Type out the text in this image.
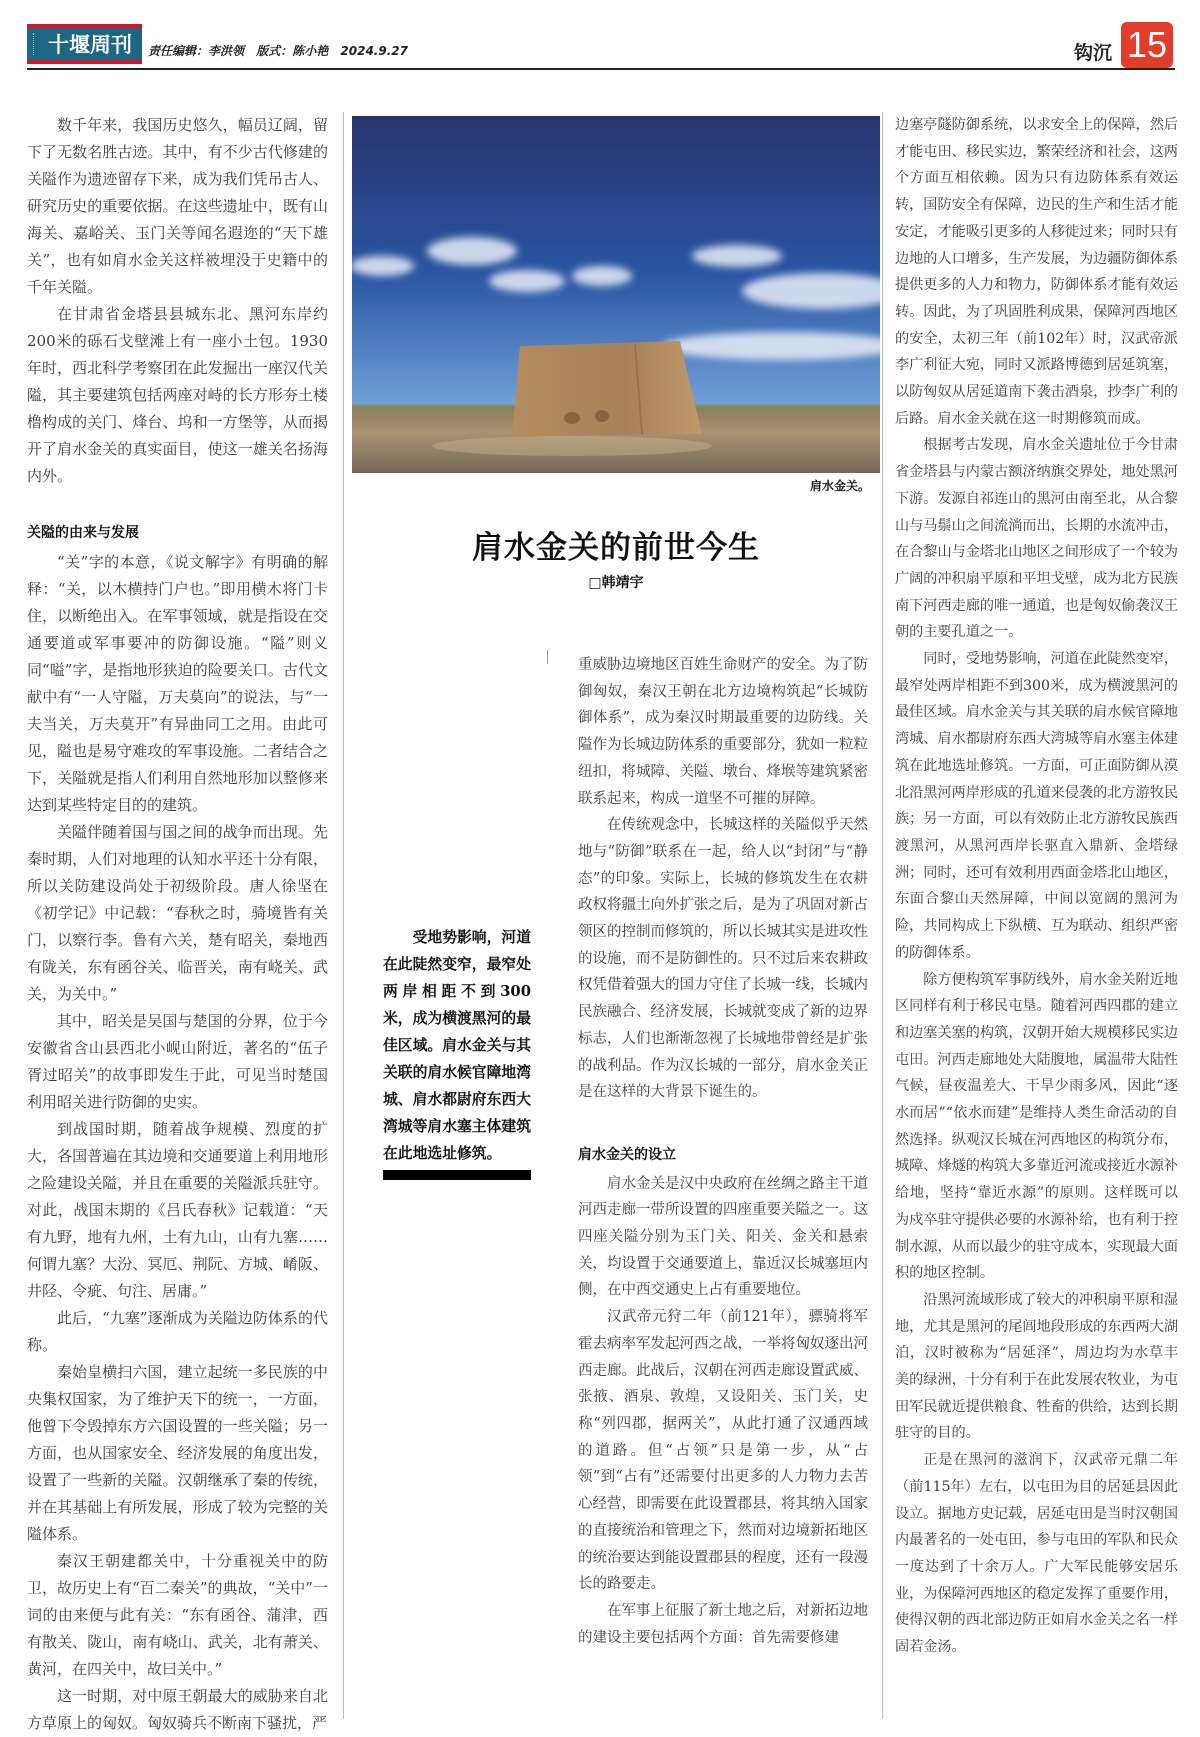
十堰周刊 责任编辑：李洪领 版式：陈小艳 2024.9.27	钩沉 15

数千年来，我国历史悠久，幅员辽阔，留下了无数名胜古迹。其中，有不少古代修建的关隘作为遗迹留存下来，成为我们凭吊古人、研究历史的重要依据。在这些遗址中，既有山海关、嘉峪关、玉门关等闻名遐迩的“天下雄关”，也有如肩水金关这样被埋没于史籍中的千年关隘。

在甘肃省金塔县县城东北、黑河东岸约200米的砾石戈壁滩上有一座小土包。1930年时，西北科学考察团在此发掘出一座汉代关隘，其主要建筑包括两座对峙的长方形夯土楼橹构成的关门、烽台、坞和一方堡等，从而揭开了肩水金关的真实面目，使这一雄关名扬海内外。

关隘的由来与发展

“关”字的本意，《说文解字》有明确的解释：“关，以木横持门户也。”即用横木将门卡住，以断绝出入。在军事领域，就是指设在交通要道或军事要冲的防御设施。“隘”则义同“嗌”字，是指地形狭迫的险要关口。古代文献中有“一人守隘，万夫莫向”的说法，与“一夫当关，万夫莫开”有异曲同工之用。由此可见，隘也是易守难攻的军事设施。二者结合之下，关隘就是指人们利用自然地形加以整修来达到某些特定目的的建筑。

关隘伴随着国与国之间的战争而出现。先秦时期，人们对地理的认知水平还十分有限，所以关防建设尚处于初级阶段。唐人徐坚在《初学记》中记载：“春秋之时，骑境皆有关门，以察行李。鲁有六关，楚有昭关，秦地西有陇关，东有函谷关、临晋关，南有峣关、武关，为关中。”

其中，昭关是吴国与楚国的分界，位于今安徽省含山县西北小岘山附近，著名的“伍子胥过昭关”的故事即发生于此，可见当时楚国利用昭关进行防御的史实。

到战国时期，随着战争规模、烈度的扩大，各国普遍在其边境和交通要道上利用地形之险建设关隘，并且在重要的关隘派兵驻守。对此，战国末期的《吕氏春秋》记载道：“天有九野，地有九州，土有九山，山有九塞……何谓九塞？大汾、冥厄、荆阮、方城、崤阪、井陉、令疵、句注、居庸。”

此后，“九塞”逐渐成为关隘边防体系的代称。

秦始皇横扫六国，建立起统一多民族的中央集权国家，为了维护天下的统一，一方面，他曾下令毁掉东方六国设置的一些关隘；另一方面，也从国家安全、经济发展的角度出发，设置了一些新的关隘。汉朝继承了秦的传统，并在其基础上有所发展，形成了较为完整的关隘体系。

秦汉王朝建都关中，十分重视关中的防卫，故历史上有“百二秦关”的典故，“关中”一词的由来便与此有关：“东有函谷、蒲津，西有散关、陇山，南有峣山、武关，北有萧关、黄河，在四关中，故曰关中。”

这一时期，对中原王朝最大的威胁来自北方草原上的匈奴。匈奴骑兵不断南下骚扰，严

肩水金关。
肩水金关的前世今生
□韩靖宇
受地势影响，河道在此陡然变窄，最窄处两岸相距不到300米，成为横渡黑河的最佳区域。肩水金关与其关联的肩水候官障地湾城、肩水都尉府东西大湾城等肩水塞主体建筑在此地选址修筑。

重威胁边境地区百姓生命财产的安全。为了防御匈奴，秦汉王朝在北方边境构筑起“长城防御体系”，成为秦汉时期最重要的边防线。关隘作为长城边防体系的重要部分，犹如一粒粒纽扣，将城障、关隘、墩台、烽堠等建筑紧密联系起来，构成一道坚不可摧的屏障。

在传统观念中，长城这样的关隘似乎天然地与“防御”联系在一起，给人以“封闭”与“静态”的印象。实际上，长城的修筑发生在农耕政权将疆土向外扩张之后，是为了巩固对新占领区的控制而修筑的，所以长城其实是进攻性的设施，而不是防御性的。只不过后来农耕政权凭借着强大的国力守住了长城一线，长城内民族融合、经济发展，长城就变成了新的边界标志，人们也渐渐忽视了长城地带曾经是扩张的战利品。作为汉长城的一部分，肩水金关正是在这样的大背景下诞生的。

肩水金关的设立

肩水金关是汉中央政府在丝绸之路主干道河西走廊一带所设置的四座重要关隘之一。这四座关隘分别为玉门关、阳关、金关和悬索关，均设置于交通要道上，靠近汉长城塞垣内侧，在中西交通史上占有重要地位。

汉武帝元狩二年（前121年），骠骑将军霍去病率军发起河西之战，一举将匈奴逐出河西走廊。此战后，汉朝在河西走廊设置武威、张掖、酒泉、敦煌，又设阳关、玉门关，史称“列四郡，据两关”，从此打通了汉通西域的道路。但“占领”只是第一步，从“占领”到“占有”还需要付出更多的人力物力去苦心经营，即需要在此设置郡县，将其纳入国家的直接统治和管理之下，然而对边境新拓地区的统治要达到能设置郡县的程度，还有一段漫长的路要走。

在军事上征服了新土地之后，对新拓边地的建设主要包括两个方面：首先需要修建

边塞亭隧防御系统，以求安全上的保障，然后才能屯田、移民实边，繁荣经济和社会，这两个方面互相依赖。因为只有边防体系有效运转，国防安全有保障，边民的生产和生活才能安定，才能吸引更多的人移徙过来；同时只有边地的人口增多，生产发展，为边疆防御体系提供更多的人力和物力，防御体系才能有效运转。因此，为了巩固胜利成果，保障河西地区的安全，太初三年（前102年）时，汉武帝派李广利征大宛，同时又派路博德到居延筑塞，以防匈奴从居延道南下袭击酒泉，抄李广利的后路。肩水金关就在这一时期修筑而成。

根据考古发现，肩水金关遗址位于今甘肃省金塔县与内蒙古额济纳旗交界处，地处黑河下游。发源自祁连山的黑河由南至北，从合黎山与马鬃山之间流淌而出，长期的水流冲击，在合黎山与金塔北山地区之间形成了一个较为广阔的冲积扇平原和平坦戈壁，成为北方民族南下河西走廊的唯一通道，也是匈奴偷袭汉王朝的主要孔道之一。

同时，受地势影响，河道在此陡然变窄，最窄处两岸相距不到300米，成为横渡黑河的最佳区域。肩水金关与其关联的肩水候官障地湾城、肩水都尉府东西大湾城等肩水塞主体建筑在此地选址修筑。一方面，可正面防御从漠北沿黑河两岸形成的孔道来侵袭的北方游牧民族；另一方面，可以有效防止北方游牧民族西渡黑河，从黑河西岸长驱直入鼎新、金塔绿洲；同时，还可有效利用西面金塔北山地区，东面合黎山天然屏障，中间以宽阔的黑河为险，共同构成上下纵横、互为联动、组织严密的防御体系。

除方便构筑军事防线外，肩水金关附近地区同样有利于移民屯垦。随着河西四郡的建立和边塞关塞的构筑，汉朝开始大规模移民实边屯田。河西走廊地处大陆腹地，属温带大陆性气候，昼夜温差大、干旱少雨多风，因此“逐水而居”“依水而建”是维持人类生命活动的自然选择。纵观汉长城在河西地区的构筑分布，城障、烽燧的构筑大多靠近河流或接近水源补给地，坚持“靠近水源”的原则。这样既可以为戍卒驻守提供必要的水源补给，也有利于控制水源，从而以最少的驻守成本，实现最大面积的地区控制。

沿黑河流域形成了较大的冲积扇平原和湿地，尤其是黑河的尾闾地段形成的东西两大湖泊，汉时被称为“居延泽”，周边均为水草丰美的绿洲，十分有利于在此发展农牧业，为屯田军民就近提供粮食、牲畜的供给，达到长期驻守的目的。

正是在黑河的滋润下，汉武帝元鼎二年（前115年）左右，以屯田为目的居延县因此设立。据地方史记载，居延屯田是当时汉朝国内最著名的一处屯田，参与屯田的军队和民众一度达到了十余万人。广大军民能够安居乐业，为保障河西地区的稳定发挥了重要作用，使得汉朝的西北部边防正如肩水金关之名一样固若金汤。
